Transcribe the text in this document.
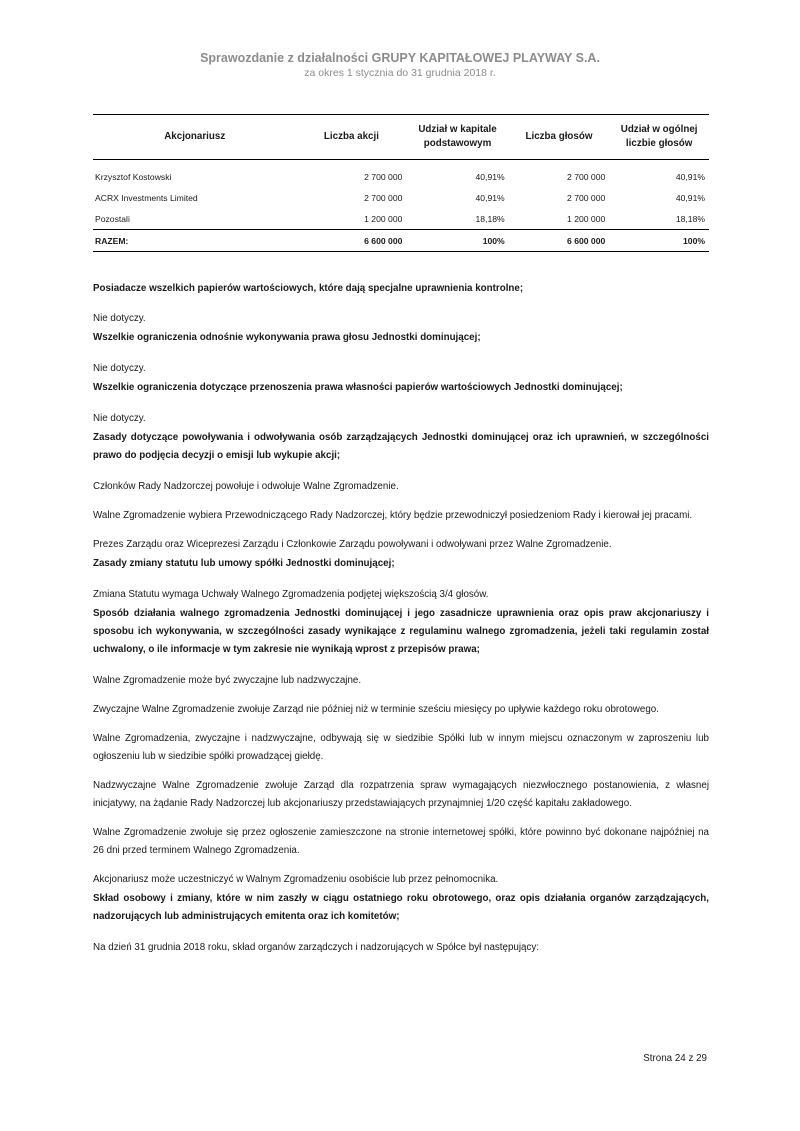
Sprawozdanie z działalności GRUPY KAPITAŁOWEJ PLAYWAY S.A.
za okres 1 stycznia do 31 grudnia 2018 r.
Akcjonariusz	Liczba akcji	Udział w kapitale podstawowym	Liczba głosów	Udział w ogólnej liczbie głosów

Krzysztof Kostowski	2 700 000	40,91%	2 700 000	40,91%
ACRX Investments Limited	2 700 000	40,91%	2 700 000	40,91%
Pozostali	1 200 000	18,18%	1 200 000	18,18%
RAZEM:	6 600 000	100%	6 600 000	100%

Posiadacze wszelkich papierów wartościowych, które dają specjalne uprawnienia kontrolne;

Nie dotyczy.

Wszelkie ograniczenia odnośnie wykonywania prawa głosu Jednostki dominującej;

Nie dotyczy.

Wszelkie ograniczenia dotyczące przenoszenia prawa własności papierów wartościowych Jednostki dominującej;

Nie dotyczy.

Zasady dotyczące powoływania i odwoływania osób zarządzających Jednostki dominującej oraz ich uprawnień, w szczególności prawo do podjęcia decyzji o emisji lub wykupie akcji;

Członków Rady Nadzorczej powołuje i odwołuje Walne Zgromadzenie.

Walne Zgromadzenie wybiera Przewodniczącego Rady Nadzorczej, który będzie przewodniczył posiedzeniom Rady i kierował jej pracami.

Prezes Zarządu oraz Wiceprezesi Zarządu i Członkowie Zarządu powoływani i odwoływani przez Walne Zgromadzenie.

Zasady zmiany statutu lub umowy spółki Jednostki dominującej;

Zmiana Statutu wymaga Uchwały Walnego Zgromadzenia podjętej większością 3/4 głosów.

Sposób działania walnego zgromadzenia Jednostki dominującej i jego zasadnicze uprawnienia oraz opis praw akcjonariuszy i sposobu ich wykonywania, w szczególności zasady wynikające z regulaminu walnego zgromadzenia, jeżeli taki regulamin został uchwalony, o ile informacje w tym zakresie nie wynikają wprost z przepisów prawa;

Walne Zgromadzenie może być zwyczajne lub nadzwyczajne.

Zwyczajne Walne Zgromadzenie zwołuje Zarząd nie później niż w terminie sześciu miesięcy po upływie każdego roku obrotowego.

Walne Zgromadzenia, zwyczajne i nadzwyczajne, odbywają się w siedzibie Spółki lub w innym miejscu oznaczonym w zaproszeniu lub ogłoszeniu lub w siedzibie spółki prowadzącej giełdę.

Nadzwyczajne Walne Zgromadzenie zwołuje Zarząd dla rozpatrzenia spraw wymagających niezwłocznego postanowienia, z własnej inicjatywy, na żądanie Rady Nadzorczej lub akcjonariuszy przedstawiających przynajmniej 1/20 część kapitału zakładowego.

Walne Zgromadzenie zwołuje się przez ogłoszenie zamieszczone na stronie internetowej spółki, które powinno być dokonane najpóźniej na 26 dni przed terminem Walnego Zgromadzenia.

Akcjonariusz może uczestniczyć w Walnym Zgromadzeniu osobiście lub przez pełnomocnika.

Skład osobowy i zmiany, które w nim zaszły w ciągu ostatniego roku obrotowego, oraz opis działania organów zarządzających, nadzorujących lub administrujących emitenta oraz ich komitetów;

Na dzień 31 grudnia 2018 roku, skład organów zarządczych i nadzorujących w Spółce był następujący:

Strona 24 z 29
